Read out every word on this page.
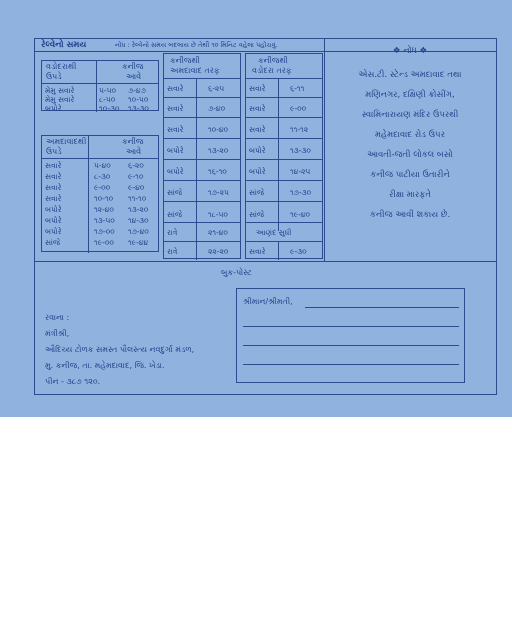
રેલ્વેનો સમય	નોંધ : રેલ્વેનો સમય બદલાય છે તેથી ૧૦ મિનિટ વહેલા પહોંચવું.
વડોદરાથી	કનીજ
ઉપડે	આવે
મેમુ સવારે	૫-૫૦ ૭-૪૭
મેમુ સવારે	૮-૫૦ ૧૦-૫૦
બપોરે	૧૦-૩૦ ૧૩-૩૦
અમદાવાદથી	કનીજ
ઉપડે	આવે
સવારે	૫-૪૦ ૬-૨૦
સવારે	૮-૩૦ ૯-૧૦
સવારે	૯-૦૦ ૯-૪૦
સવારે	૧૦-૧૦ ૧૧-૧૦
બપોરે	૧૨-૪૦ ૧૩-૨૦
બપોરે	૧૩-૫૦ ૧૪-૩૦
બપોરે	૧૭-૦૦ ૧૭-૪૦
સાંજે	૧૯-૦૦ ૧૯-૪૪
કનીજથી
અમદાવાદ તરફ
સવારે	૬-૨૫
સવારે	૭-૪૦
સવારે	૧૦-૪૦
બપોરે	૧૩-૨૦
બપોરે	૧૬-૧૦
સાંજે	૧૭-૨૫
સાંજે	૧૮-૫૦
રાત્રે	૨૧-૪૦
રાત્રે	૨૨-૨૦
કનીજથી
વડોદરા તરફ
સવારે	૬-૧૧
સવારે	૯-૦૦
સવારે	૧૧-૧૨
બપોરે	૧૩-૩૦
બપોરે	૧૪-૨૫
સાંજે	૧૭-૩૦
સાંજે	૧૯-૪૦
આણંદ સુધી
સવારે	૯-૩૦
❖ નોંધ ❖
એસ.ટી. સ્ટેન્ડ અમદાવાદ તથા
મણિનગર, દક્ષિણી ક્રોસીંગ,
સ્વામિનારાયણ મંદિર ઉપરથી
મહેમદાવાદ રોડ ઉપર
આવતી-જતી લોકલ બસો
કનીજ પાટીયા ઉતારીને
રીક્ષા મારફતે
કનીજ આવી શકાય છે.
બુક-પોસ્ટ
શ્રીમાન/શ્રીમતી,
રવાના :
મંત્રીશ્રી,
ઔદિચ્ય ટોળક સમસ્ત પૌલસ્ત્ય નવદુર્ગા મંડળ,
મુ. કનીજ, તા. મહેમદાવાદ, જિ. ખેડા.
પીન - ૩૮૭ ૧૨૦.
